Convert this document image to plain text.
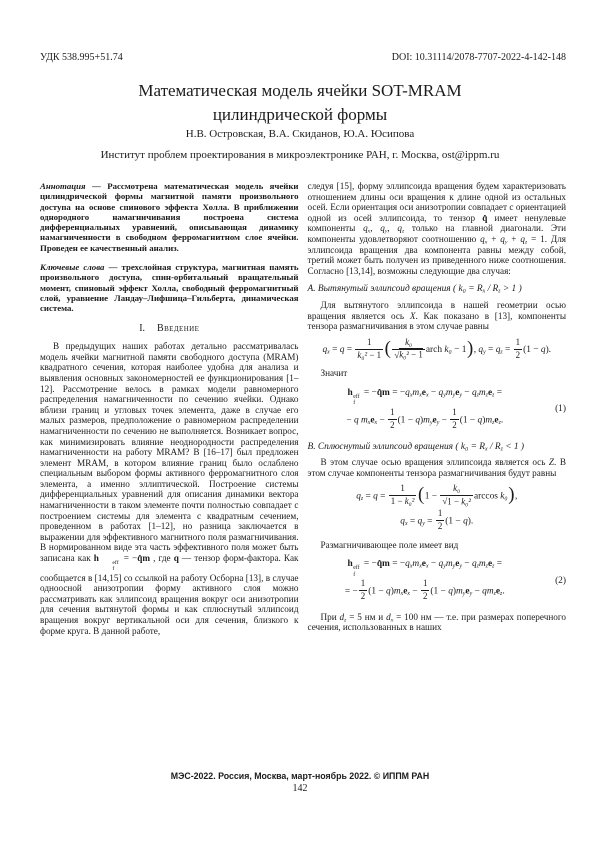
УДК 538.995+51.74	DOI: 10.31114/2078-7707-2022-4-142-148
Математическая модель ячейки SOT-MRAM
цилиндрической формы
Н.В. Островская, В.А. Скиданов, Ю.А. Юсипова
Институт проблем проектирования в микроэлектронике РАН, г. Москва, ost@ippm.ru

Аннотация — Рассмотрена математическая модель ячейки цилиндрической формы магнитной памяти произвольного доступа на основе спинового эффекта Холла. В приближении однородного намагничивания построена система дифференциальных уравнений, описывающая динамику намагниченности в свободном ферромагнитном слое ячейки. Проведен ее качественный анализ.

Ключевые слова — трехслойная структура, магнитная память произвольного доступа, спин-орбитальный вращательный момент, спиновый эффект Холла, свободный ферромагнитный слой, уравнение Ландау–Лифшица–Гильберта, динамическая система.

I. Введение

В предыдущих наших работах детально рассматривалась модель ячейки магнитной памяти свободного доступа (MRAM) квадратного сечения, которая наиболее удобна для анализа и выявления основных закономерностей ее функционирования [1–12]. Рассмотрение велось в рамках модели равномерного распределения намагниченности по сечению ячейки. Однако вблизи границ и угловых точек элемента, даже в случае его малых размеров, предположение о равномерном распределении намагниченности по сечению не выполняется. Возникает вопрос, как минимизировать влияние неоднородности распределения намагниченности на работу MRAM? В [16–17] был предложен элемент MRAM, в котором влияние границ было ослаблено специальным выбором формы активного ферромагнитного слоя элемента, а именно эллиптической. Построение системы дифференциальных уравнений для описания динамики вектора намагниченности в таком элементе почти полностью совпадает с построением системы для элемента с квадратным сечением, проведенном в работах [1–12], но разница заключается в выражении для эффективного магнитного поля размагничивания. В нормированном виде эта часть эффективного поля может быть записана как h	eff
f
= −q̂m , где q — тензор форм-фактора. Как сообщается в [14,15] со ссылкой на работу Осборна [13], в случае одноосной анизотропии форму активного слоя можно рассматривать как эллипсоид вращения вокруг оси анизотропии для сечения вытянутой формы и как сплюснутый эллипсоид вращения вокруг вертикальной оси для сечения, близкого к форме круга. В данной работе,

следуя [15], форму эллипсоида вращения будем характеризовать отношением длины оси вращения к длине одной из остальных осей. Если ориентация оси анизотропии совпадает с ориентацией одной из осей эллипсоида, то тензор q̂ имеет ненулевые компоненты $q_x$, $q_y$, $q_z$ только на главной диагонали. Эти компоненты удовлетворяют соотношению $q_x + q_y + q_z = 1$. Для эллипсоида вращения два компонента равны между собой, третий может быть получен из приведенного ниже соотношения. Согласно [13,14], возможны следующие два случая:

A. Вытянутый эллипсоид вращения ( $k_0 = R_x / R_z > 1$ )

Для вытянутого эллипсоида в нашей геометрии осью вращения является ось X. Как показано в [13], компоненты тензора размагничивания в этом случае равны

$q_x = q = \frac{1}{\text{k₀² − 1}}$ ( $\frac{\text{k₀}}{\text{√k₀² − 1}}$ arch k₀ − 1), $q_y = q_z = \frac{1}{2} (1 - q)$.

Значит

h eff
f
= −q̂m = $-q_xm_xe_x - q_ym_ye_y - q_zm_ze_z$ =
− q $m_xe_x - \frac{1}{2} (1 - q)m_ye_y - \frac{1}{2} (1 - q)m_ze_z$.
(1)

B. Сплюснутый эллипсоид вращения ( $k_0 = R_x / R_z < 1$ )

В этом случае осью вращения эллипсоида является ось Z. В этом случае компоненты тензора размагничивания будут равны

$q_z = q = \frac{1}{\text{1 − k₀²}} (1 - \frac{\text{k₀}}{\text{√1 − k₀²}}$ arccos k₀),
$q_x = q_y = \frac{1}{2} (1 - q)$.

Размагничивающее поле имеет вид

h eff
f
= −q̂m = $-q_xm_xe_x - q_ym_ye_y - q_zm_ze_z$ =
= − $\frac{1}{2} (1 - q)m_xe_x - \frac{1}{2} (1 - q)m_ye_y - qm_ze_z$.
(2)

При $d_z = 5$ нм и $d_x = 100$ нм — т.е. при размерах поперечного сечения, использованных в наших

МЭС-2022. Россия, Москва, март-ноябрь 2022. © ИППМ РАН
142
